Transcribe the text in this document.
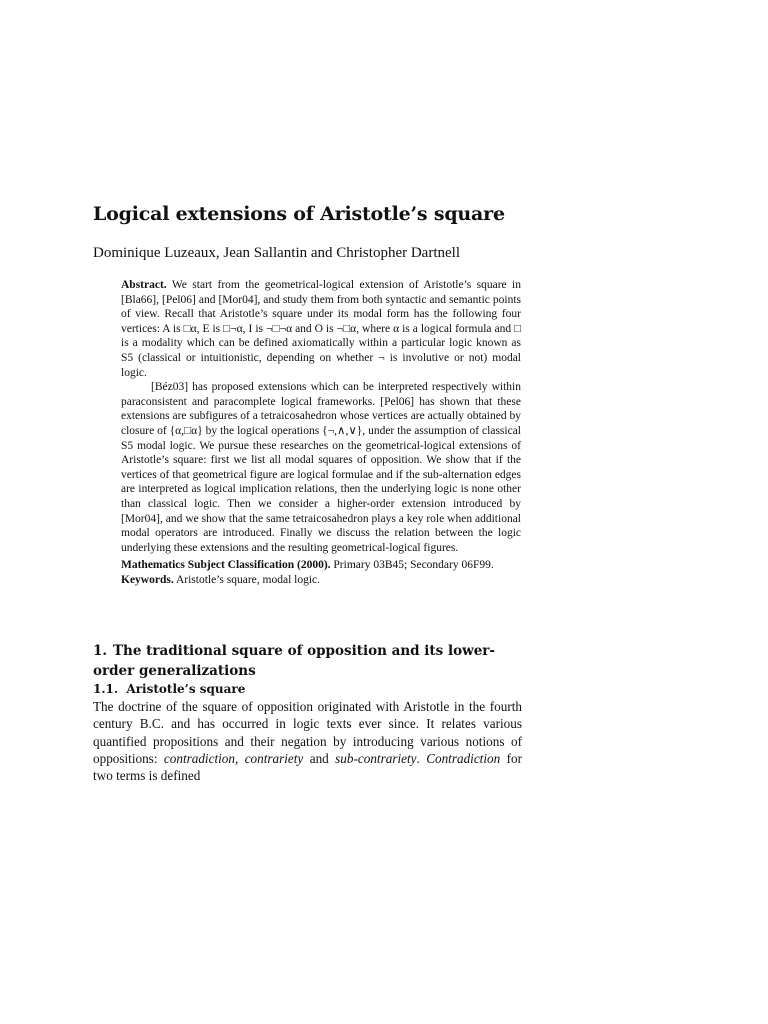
Logical extensions of Aristotle’s square

Dominique Luzeaux, Jean Sallantin and Christopher Dartnell

Abstract. We start from the geometrical-logical extension of Aristotle’s square in [Bla66], [Pel06] and [Mor04], and study them from both syntactic and semantic points of view. Recall that Aristotle’s square under its modal form has the following four vertices: A is □α, E is □¬α, I is ¬□¬α and O is ¬□α, where α is a logical formula and □ is a modality which can be defined axiomatically within a particular logic known as S5 (classical or intuitionistic, depending on whether ¬ is involutive or not) modal logic.

[Béz03] has proposed extensions which can be interpreted respectively within paraconsistent and paracomplete logical frameworks. [Pel06] has shown that these extensions are subfigures of a tetraicosahedron whose vertices are actually obtained by closure of {α,□α} by the logical operations {¬,∧,∨}, under the assumption of classical S5 modal logic. We pursue these researches on the geometrical-logical extensions of Aristotle’s square: first we list all modal squares of opposition. We show that if the vertices of that geometrical figure are logical formulae and if the sub-alternation edges are interpreted as logical implication relations, then the underlying logic is none other than classical logic. Then we consider a higher-order extension introduced by [Mor04], and we show that the same tetraicosahedron plays a key role when additional modal operators are introduced. Finally we discuss the relation between the logic underlying these extensions and the resulting geometrical-logical figures.

Mathematics Subject Classification (2000). Primary 03B45; Secondary 06F99.

Keywords. Aristotle’s square, modal logic.

1. The traditional square of opposition and its lower-order generalizations
1.1. Aristotle’s square

The doctrine of the square of opposition originated with Aristotle in the fourth century B.C. and has occurred in logic texts ever since. It relates various quantified propositions and their negation by introducing various notions of oppositions: contradiction, contrariety and sub-contrariety. Contradiction for two terms is defined
